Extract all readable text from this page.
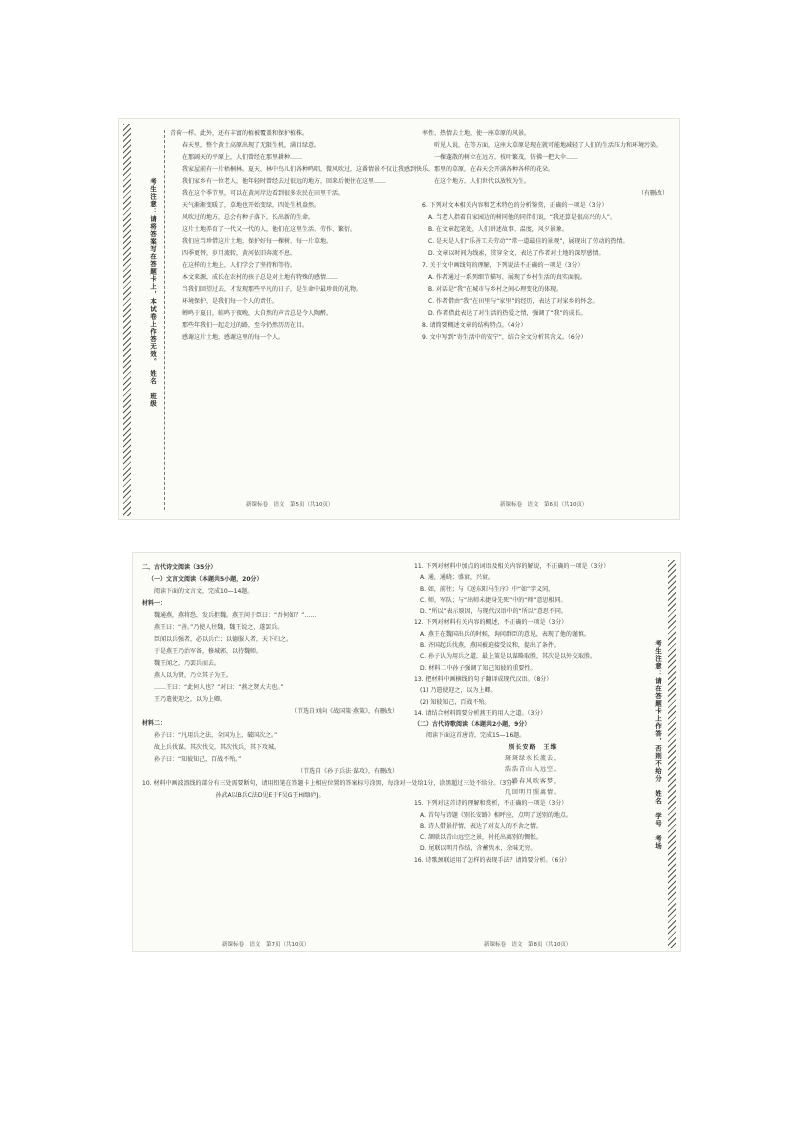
考生注意：请将答案写在答题卡上，本试卷上作答无效。　姓名　班级
考生注意：请在答题卡上作答，否则不给分　姓名　学号　考场

青荷一样。此外，还有丰富的植被覆盖和保护植株。

春天里，整个黄土高原出现了无限生机，满目绿意。

在那阔天的平原上，人们曾经在那里耕种……

我家屋前有一片梧桐林。夏天，林中鸟儿们各种鸣唱，微风吹过，这番情景不仅让我感到快乐。

我们家乡有一位老人，他年轻时曾经去过很远的地方，回来后便住在这里……

我在这个季节里，可以在黄河岸边看到很多农民在田里干活。

天气渐渐变暖了，草地也开始变绿，四处生机盎然。

风吹过的地方，总会有种子落下，长出新的生命。

这片土地养育了一代又一代的人，他们在这里生活、劳作、繁衍。

我们应当珍惜这片土地，保护好每一棵树、每一片草地。

四季更替，岁月流转，黄河依旧奔流不息。

在这样的土地上，人们学会了坚持和等待。

本文来源，成长在农村的孩子总是对土地有特殊的感情……

当我们回望过去，才发现那些平凡的日子，是生命中最珍贵的礼物。

环境保护，是我们每一个人的责任。

蝉鸣于夏日，蛙鸣于夜晚，大自然的声音总是令人陶醉。

那些年我们一起走过的路，至今仍然历历在目。

感谢这片土地，感谢这里的每一个人。

新课标卷　语文　第5页（共10页）

率性、热情去土地，使一座草原的风景。

听见人说，在等方面，这座大草原是现在就可能地减轻了人们的生活压力和环境污染。

一棵蓬散的树立在远方，枝叶繁茂，仿佛一把大伞……

那里的草原，在春天会开满各种各样的花朵。

在这个地方，人们世代以放牧为生。

（有删改）

6. 下列对文本相关内容和艺术特色的分析鉴赏，正确的一项是（3分）

A. 当老人指着自家园边的树同他的同伴们说，“我还算是很高兴的人”。

B. 在文章起笔处，人们讲述故事、温度，风夕景象。

C. 是天是人们“乐善工夫劳动”“常一道最佳的景观”，展现出了劳动的热情。

D. 文章以时间为线索，贯穿全文，表达了作者对土地的深厚感情。

7. 关于文中画线句的理解，下列说法不正确的一项是（3分）

A. 作者通过一系列细节描写，展现了乡村生活的真实面貌。

B. 对话是“我”在城市与乡村之间心理变化的体现。

C. 作者借由“我”在田里与“家里”的经历，表达了对家乡的怀念。

D. 作者借此表达了对生活的热爱之情，强调了“我”的成长。

8. 请简要概述文章的结构特点。（4分）

9. 文中写到“寄生活中的安宁”，结合全文分析其含义。（6分）

新课标卷　语文　第6页（共10页）

二、古代诗文阅读（35分）

（一）文言文阅读（本题共5小题，20分）

阅读下面的文言文，完成10—14题。

材料一：

魏通燕，燕将恐，发兵拒魏。燕王问于臣曰：“吾何如？”……

燕王曰：“善。”乃使人往魏，魏王说之，遂罢兵。

臣闻以兵强者，必以兵亡；以德服人者，天下归之。

于是燕王乃治军备，修城郭，以待魏师。

魏王闻之，乃罢兵而去。

燕人以为贤，乃立其子为王。

……王曰：“此何人也？”对曰：“燕之贤大夫也。”

王乃遣使迎之，以为上卿。

（节选自刘向《战国策·燕策》，有删改）

材料二：

孙子曰：“凡用兵之法，全国为上，破国次之。”

故上兵伐谋，其次伐交，其次伐兵，其下攻城。

孙子曰：“知彼知己，百战不殆。”

（节选自《孙子兵法·谋攻》，有删改）

10. 材料中画波浪线的部分有三处需要断句，请用铅笔在答题卡上相应位置的答案标号涂黑，每涂对一处给1分，涂黑超过三处不给分。（3分）

孙武A以B兵C法D见E于F吴G王H阖I庐J。

新课标卷　语文　第7页（共10页）

11. 下列对材料中加点的词语及相关内容的解说，不正确的一项是（3分）

A. 通，通晓；盛衰，兴衰。

B. 如，前往；与《送东阳马生序》中“如”字义同。

C. 师，军队；与“出师未捷身先死”中的“师”意思相同。

D. “所以”表示原因，与现代汉语中的“所以”意思不同。

12. 下列对材料有关内容的概述，不正确的一项是（3分）

A. 燕王在魏国出兵的时候，询问群臣的意见，表现了他的谨慎。

B. 齐国起兵伐燕，燕国被迫接受议和，提出了条件。

C. 孙子认为用兵之道，最上策是以谋略取胜，其次是以外交取胜。

D. 材料二中孙子强调了知己知彼的重要性。

13. 把材料中画横线的句子翻译成现代汉语。（8分）

(1) 乃遣使迎之，以为上卿。

(2) 知彼知己，百战不殆。

14. 请结合材料简要分析燕王的用人之道。（3分）

（二）古代诗歌阅读（本题共2小题，9分）

阅读下面这首唐诗，完成15—16题。

别长安路　王维

斑斑绿水长流去，

浩浩青山入远空。

一路春风吹客梦，

几回明月照离情。

15. 下列对这首诗的理解和赏析，不正确的一项是（3分）

A. 首句与诗题《别长安路》相呼应，点明了送别的地点。

B. 诗人借景抒情，表达了对友人的不舍之情。

C. 颔联以青山远空之景，衬托出离别的惆怅。

D. 尾联以明月作结，含蓄隽永，余味无穷。

16. 诗歌颈联运用了怎样的表现手法？请简要分析。（6分）

新课标卷　语文　第8页（共10页）
